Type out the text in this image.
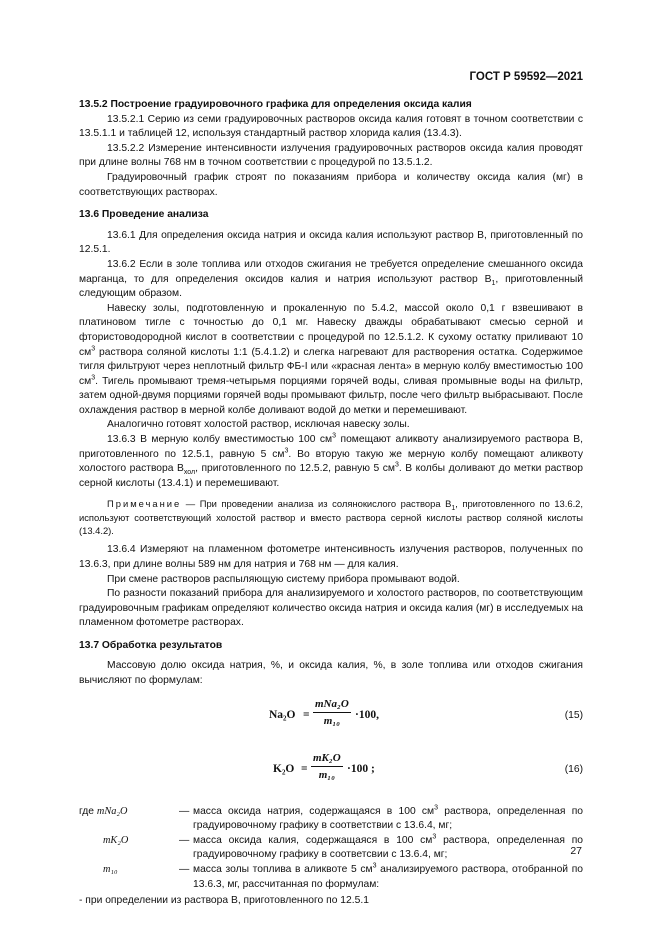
ГОСТ Р 59592—2021

13.5.2 Построение градуировочного графика для определения оксида калия

13.5.2.1 Серию из семи градуировочных растворов оксида калия готовят в точном соответствии с 13.5.1.1 и таблицей 12, используя стандартный раствор хлорида калия (13.4.3).

13.5.2.2 Измерение интенсивности излучения градуировочных растворов оксида калия проводят при длине волны 768 нм в точном соответствии с процедурой по 13.5.1.2.

Градуировочный график строят по показаниям прибора и количеству оксида калия (мг) в соответствующих растворах.

13.6 Проведение анализа

13.6.1 Для определения оксида натрия и оксида калия используют раствор В, приготовленный по 12.5.1.

13.6.2 Если в золе топлива или отходов сжигания не требуется определение смешанного оксида марганца, то для определения оксидов калия и натрия используют раствор $В_1$, приготовленный следующим образом.

Навеску золы, подготовленную и прокаленную по 5.4.2, массой около 0,1 г взвешивают в платиновом тигле с точностью до 0,1 мг. Навеску дважды обрабатывают смесью серной и фтористоводородной кислот в соответствии с процедурой по 12.5.1.2. К сухому остатку приливают 10 $см^3$ раствора соляной кислоты 1:1 (5.4.1.2) и слегка нагревают для растворения остатка. Содержимое тигля фильтруют через неплотный фильтр ФБ-I или «красная лента» в мерную колбу вместимостью 100 $см^3$. Тигель промывают тремя-четырьмя порциями горячей воды, сливая промывные воды на фильтр, затем одной-двумя порциями горячей воды промывают фильтр, после чего фильтр выбрасывают. После охлаждения раствор в мерной колбе доливают водой до метки и перемешивают.

Аналогично готовят холостой раствор, исключая навеску золы.

13.6.3 В мерную колбу вместимостью 100 $см^3$ помещают аликвоту анализируемого раствора В, приготовленного по 12.5.1, равную 5 $см^3$. Во вторую такую же мерную колбу помещают аликвоту холостого раствора $В_{хол}$, приготовленного по 12.5.2, равную 5 $см^3$. В колбы доливают до метки раствор серной кислоты (13.4.1) и перемешивают.

Примечание — При проведении анализа из солянокислого раствора $В_1$, приготовленного по 13.6.2, используют соответствующий холостой раствор и вместо раствора серной кислоты раствор соляной кислоты (13.4.2).

13.6.4 Измеряют на пламенном фотометре интенсивность излучения растворов, полученных по 13.6.3, при длине волны 589 нм для натрия и 768 нм — для калия.

При смене растворов распыляющую систему прибора промывают водой.

По разности показаний прибора для анализируемого и холостого растворов, по соответствующим градуировочным графикам определяют количество оксида натрия и оксида калия (мг) в исследуемых на пламенном фотометре растворах.

13.7 Обработка результатов

Массовую долю оксида натрия, %, и оксида калия, %, в золе топлива или отходов сжигания вычисляют по формулам:

Na₂O =
mNa₂O
m₁₀
·100,	(15)
$K_2O = \frac{\text{mK₂O}}{\text{m₁₀}} \cdot 100$ ;	(16)
где mNa₂O	—	масса оксида натрия, содержащаяся в 100 $см^3$ раствора, определенная по градуировочному графику в соответствии с 13.6.4, мг;
mK₂O	—	масса оксида калия, содержащаяся в 100 $см^3$ раствора, определенная по градуировочному графику в соответсвии с 13.6.4, мг;
m₁₀	—	масса золы топлива в аликвоте 5 $см^3$ анализируемого раствора, отобранной по 13.6.3, мг, рассчитанная по формулам:

- при определении из раствора В, приготовленного по 12.5.1

27
